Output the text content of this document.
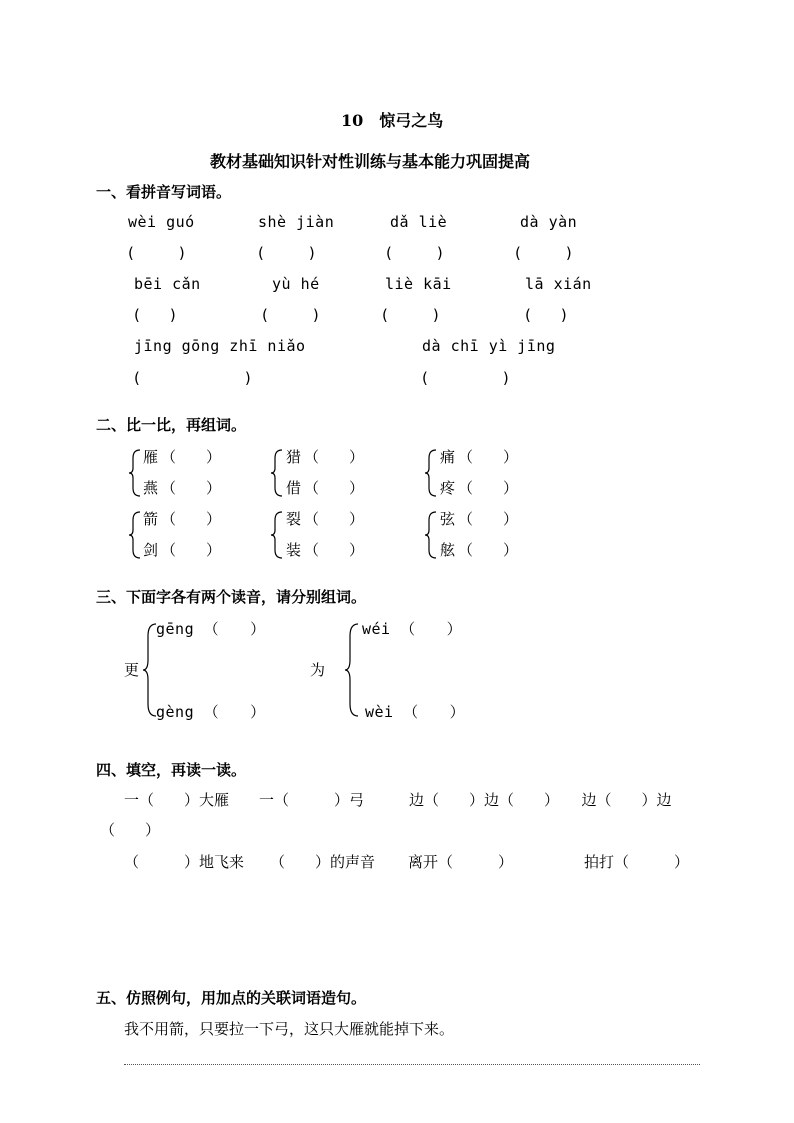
10　惊弓之鸟
教材基础知识针对性训练与基本能力巩固提高
一、看拼音写词语。
wèi guó	shè jiàn	dǎ liè	dà yàn
(　　　)	(　　　)	(　　　)	(　　　)
bēi cǎn	yù hé	liè kāi	lā xián
(　　)	(　　　)	(　　　)	(　　)
jīng gōng zhī niǎo	dà chī yì jīng
(　　　　　　　)	(　　　　　)
二、比一比，再组词。
雁 （　　）
燕 （　　）
猎 （　　）
借 （　　）
痛 （　　）
疼 （　　）
箭 （　　）
剑 （　　）
裂 （　　）
装 （　　）
弦 （　　）
舷 （　　）
三、下面字各有两个读音，请分别组词。
更
gēng （　　）
gèng （　　）
为
wéi （　　）
wèi （　　）
四、填空，再读一读。
一（　　）大雁　　一（　　　）弓　　　边（　　）边（　　）　　边（　　）边
（　　）
（　　　）地飞来 （　　）的声音 离开（　　　）	拍打（　　　）
五、仿照例句，用加点的关联词语造句。
我不用箭，只要拉一下弓，这只大雁就能掉下来。
